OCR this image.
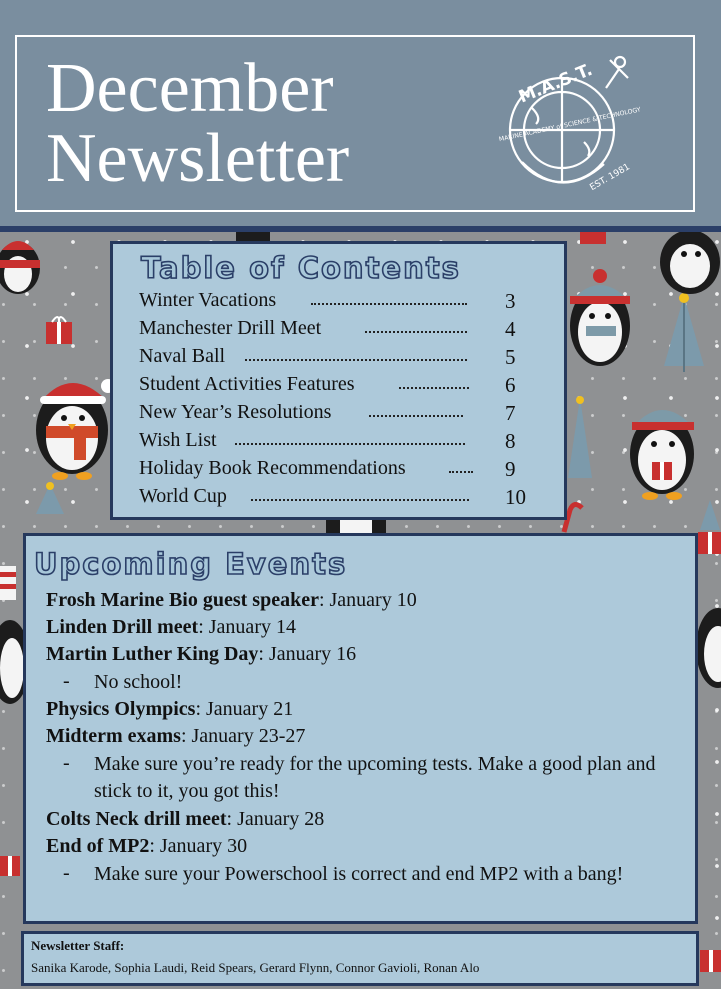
December
Newsletter
M.A.S.T.
MARINE ACADEMY of SCIENCE & TECHNOLOGY
EST. 1981
Table of Contents
Winter Vacations	3
Manchester Drill Meet	4
Naval Ball	5
Student Activities Features	6
New Year’s Resolutions	7
Wish List	8
Holiday Book Recommendations	9
World Cup	10
Upcoming Events
Frosh Marine Bio guest speaker: January 10
Linden Drill meet: January 14
Martin Luther King Day: January 16
- No school!
Physics Olympics: January 21
Midterm exams: January 23-27
- Make sure you’re ready for the upcoming tests. Make a good plan and stick to it, you got this!
Colts Neck drill meet: January 28
End of MP2: January 30
- Make sure your Powerschool is correct and end MP2 with a bang!
Newsletter Staff:
Sanika Karode, Sophia Laudi, Reid Spears, Gerard Flynn, Connor Gavioli, Ronan Alo
